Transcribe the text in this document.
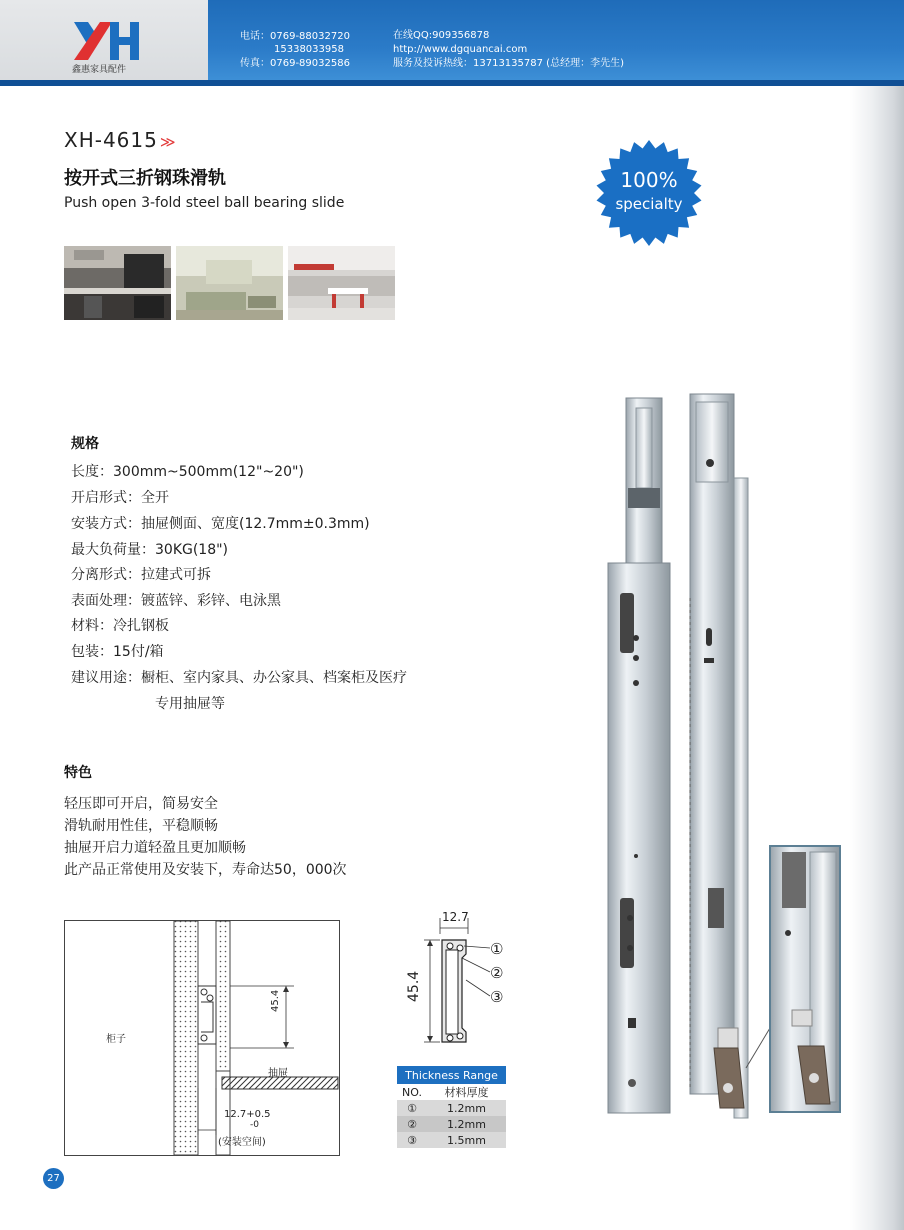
鑫惠家具配件
电话：0769-88032720
15338033958
传真：0769-89032586
在线QQ:909356878
http://www.dgquancai.com
服务及投诉热线：13713135787 (总经理：李先生)
XH-4615 ≫
按开式三折钢珠滑轨
Push open 3-fold steel ball bearing slide
100%
specialty
规格
长度：300mm~500mm(12"~20")
开启形式：全开
安装方式：抽屉侧面、宽度(12.7mm±0.3mm)
最大负荷量：30KG(18")
分离形式：拉建式可拆
表面处理：镀蓝锌、彩锌、电泳黑
材料：冷扎钢板
包装：15付/箱
建议用途：橱柜、室内家具、办公家具、档案柜及医疗
专用抽屉等
特色
轻压即可开启，简易安全
滑轨耐用性佳，平稳顺畅
抽屉开启力道轻盈且更加顺畅
此产品正常使用及安装下，寿命达50，000次
柜子
抽屉
45.4
12.7+0.5
-0
(安装空间)
12.7
45.4
①
②
③
Thickness Range	
NO.	材料厚度
①	1.2mm
②	1.2mm
③	1.5mm
27
